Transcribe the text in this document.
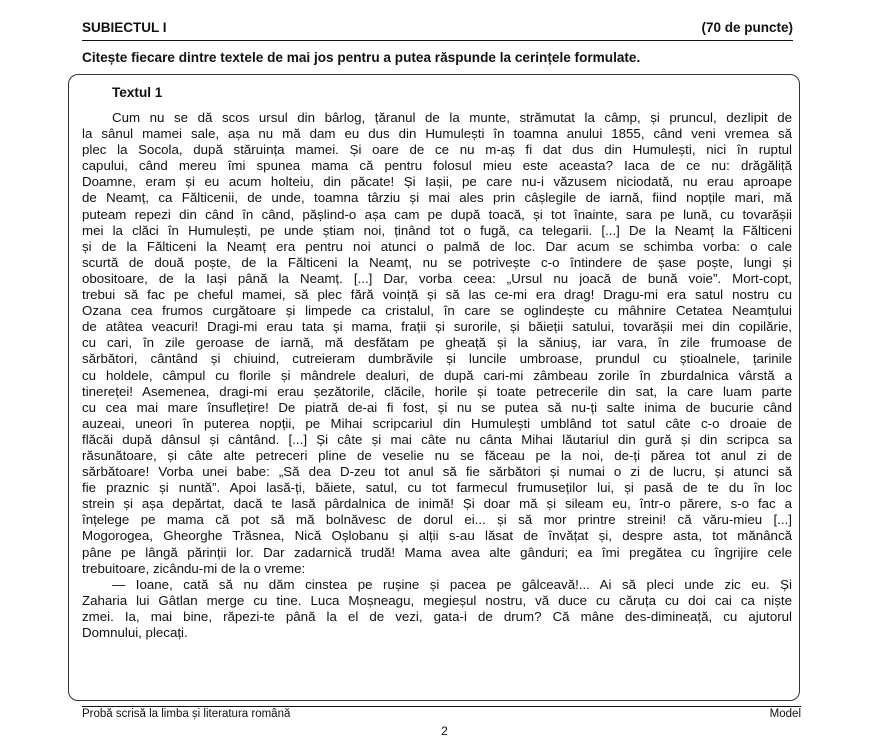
SUBIECTUL I	(70 de puncte)
Citește fiecare dintre textele de mai jos pentru a putea răspunde la cerințele formulate.
Textul 1
Cum nu se dă scos ursul din bârlog, țăranul de la munte, strămutat la câmp, și pruncul, dezlipit de
la sânul mamei sale, așa nu mă dam eu dus din Humulești în toamna anului 1855, când veni vremea să
plec la Socola, după stăruința mamei. Și oare de ce nu m-aș fi dat dus din Humulești, nici în ruptul
capului, când mereu îmi spunea mama că pentru folosul mieu este aceasta? Iaca de ce nu: drăgăliță
Doamne, eram și eu acum holteiu, din păcate! Și Iașii, pe care nu-i văzusem niciodată, nu erau aproape
de Neamț, ca Fălticenii, de unde, toamna târziu și mai ales prin câșlegile de iarnă, fiind nopțile mari, mă
puteam repezi din când în când, pășlind-o așa cam pe după toacă, și tot înainte, sara pe lună, cu tovarășii
mei la clăci în Humulești, pe unde știam noi, ținând tot o fugă, ca telegarii. [...] De la Neamț la Fălticeni
și de la Fălticeni la Neamț era pentru noi atunci o palmă de loc. Dar acum se schimba vorba: o cale
scurtă de două poște, de la Fălticeni la Neamț, nu se potrivește c-o întindere de șase poște, lungi și
obositoare, de la Iași până la Neamț. [...] Dar, vorba ceea: „Ursul nu joacă de bună voie”. Mort-copt,
trebui să fac pe cheful mamei, să plec fără voință și să las ce-mi era drag! Dragu-mi era satul nostru cu
Ozana cea frumos curgătoare și limpede ca cristalul, în care se oglindește cu mâhnire Cetatea Neamțului
de atâtea veacuri! Dragi-mi erau tata și mama, frații și surorile, și băieții satului, tovarășii mei din copilărie,
cu cari, în zile geroase de iarnă, mă desfătam pe gheață și la săniuș, iar vara, în zile frumoase de
sărbători, cântând și chiuind, cutreieram dumbrăvile și luncile umbroase, prundul cu știoalnele, țarinile
cu holdele, câmpul cu florile și mândrele dealuri, de după cari-mi zâmbeau zorile în zburdalnica vârstă a
tinereței! Asemenea, dragi-mi erau șezătorile, clăcile, horile și toate petrecerile din sat, la care luam parte
cu cea mai mare însuflețire! De piatră de-ai fi fost, și nu se putea să nu-ți salte inima de bucurie când
auzeai, uneori în puterea nopții, pe Mihai scripcariul din Humulești umblând tot satul câte c-o droaie de
flăcăi după dânsul și cântând. [...] Și câte și mai câte nu cânta Mihai lăutariul din gură și din scripca sa
răsunătoare, și câte alte petreceri pline de veselie nu se făceau pe la noi, de-ți părea tot anul zi de
sărbătoare! Vorba unei babe: „Să dea D-zeu tot anul să fie sărbători și numai o zi de lucru, și atunci să
fie praznic și nuntă”. Apoi lasă-ți, băiete, satul, cu tot farmecul frumuseților lui, și pasă de te du în loc
strein și așa depărtat, dacă te lasă pârdalnica de inimă! Și doar mă și sileam eu, într-o părere, s-o fac a
înțelege pe mama că pot să mă bolnăvesc de dorul ei... și să mor printre streini! că văru-mieu [...]
Mogorogea, Gheorghe Trăsnea, Nică Oșlobanu și alții s-au lăsat de învățat și, despre asta, tot mănâncă
pâne pe lângă părinții lor. Dar zadarnică trudă! Mama avea alte gânduri; ea îmi pregătea cu îngrijire cele
trebuitoare, zicându-mi de la o vreme:
— Ioane, cată să nu dăm cinstea pe rușine și pacea pe gâlceavă!... Ai să pleci unde zic eu. Și
Zaharia lui Gâtlan merge cu tine. Luca Moșneagu, megieșul nostru, vă duce cu căruța cu doi cai ca niște
zmei. Ia, mai bine, răpezi-te până la el de vezi, gata-i de drum? Că mâne des-dimineață, cu ajutorul
Domnului, plecați.
Probă scrisă la limba și literatura română	Model
2
